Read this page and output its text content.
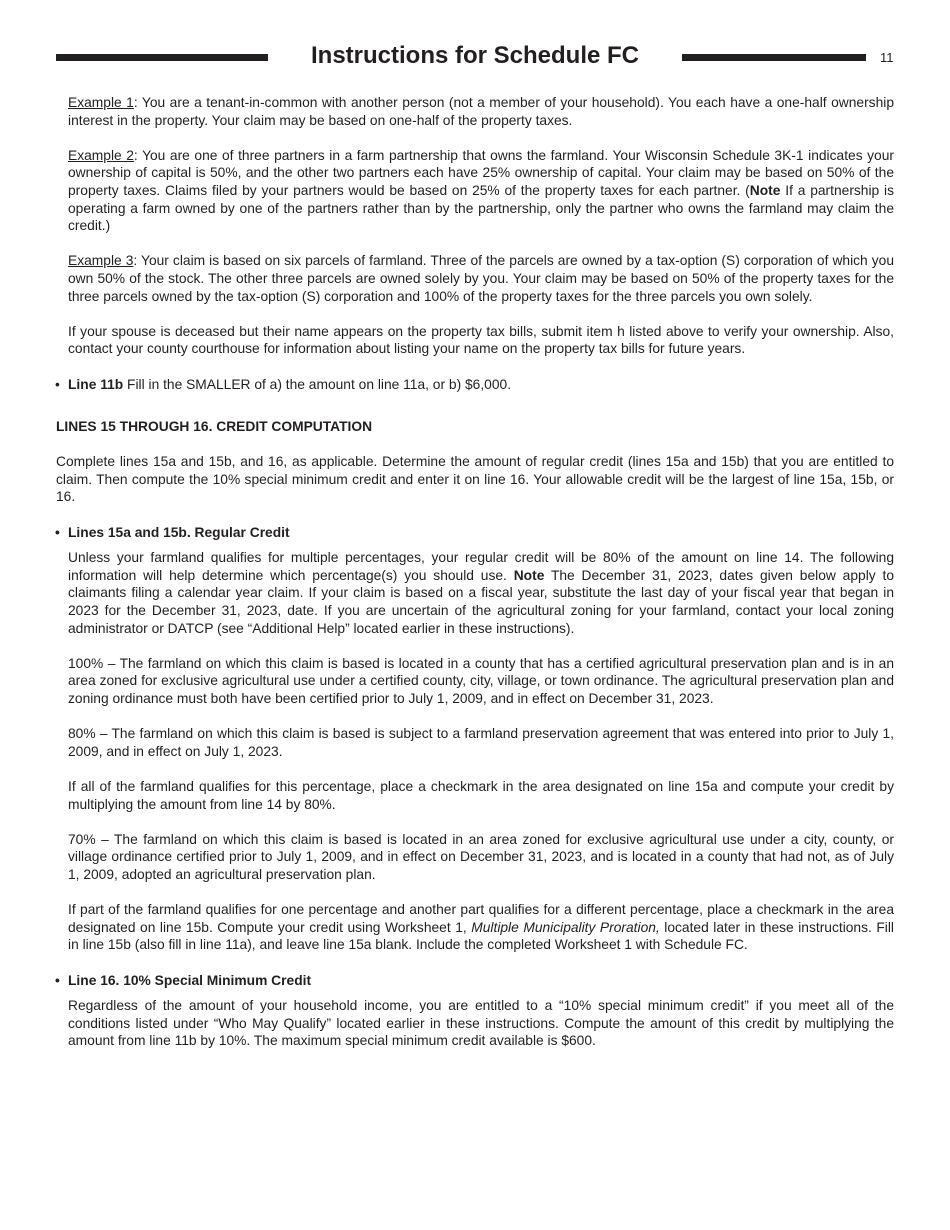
Instructions for Schedule FC	11

Example 1: You are a tenant-in-common with another person (not a member of your household). You each have a one-half ownership interest in the property. Your claim may be based on one-half of the property taxes.

Example 2: You are one of three partners in a farm partnership that owns the farmland. Your Wisconsin Schedule 3K-1 indicates your ownership of capital is 50%, and the other two partners each have 25% ownership of capital. Your claim may be based on 50% of the property taxes. Claims filed by your partners would be based on 25% of the property taxes for each partner. (Note If a partnership is operating a farm owned by one of the partners rather than by the partnership, only the partner who owns the farmland may claim the credit.)

Example 3: Your claim is based on six parcels of farmland. Three of the parcels are owned by a tax-option (S) corporation of which you own 50% of the stock. The other three parcels are owned solely by you. Your claim may be based on 50% of the property taxes for the three parcels owned by the tax-option (S) corporation and 100% of the property taxes for the three parcels you own solely.

If your spouse is deceased but their name appears on the property tax bills, submit item h listed above to verify your ownership. Also, contact your county courthouse for information about listing your name on the property tax bills for future years.

• Line 11b Fill in the SMALLER of a) the amount on line 11a, or b) $6,000.

LINES 15 THROUGH 16. CREDIT COMPUTATION

Complete lines 15a and 15b, and 16, as applicable. Determine the amount of regular credit (lines 15a and 15b) that you are entitled to claim. Then compute the 10% special minimum credit and enter it on line 16. Your allowable credit will be the largest of line 15a, 15b, or 16.

• Lines 15a and 15b. Regular Credit

Unless your farmland qualifies for multiple percentages, your regular credit will be 80% of the amount on line 14. The following information will help determine which percentage(s) you should use. Note The December 31, 2023, dates given below apply to claimants filing a calendar year claim. If your claim is based on a fiscal year, substitute the last day of your fiscal year that began in 2023 for the December 31, 2023, date. If you are uncertain of the agricultural zoning for your farmland, contact your local zoning administrator or DATCP (see “Additional Help” located earlier in these instructions).

100% – The farmland on which this claim is based is located in a county that has a certified agricultural preservation plan and is in an area zoned for exclusive agricultural use under a certified county, city, village, or town ordinance. The agricultural preservation plan and zoning ordinance must both have been certified prior to July 1, 2009, and in effect on December 31, 2023.

80% – The farmland on which this claim is based is subject to a farmland preservation agreement that was entered into prior to July 1, 2009, and in effect on July 1, 2023.

If all of the farmland qualifies for this percentage, place a checkmark in the area designated on line 15a and compute your credit by multiplying the amount from line 14 by 80%.

70% – The farmland on which this claim is based is located in an area zoned for exclusive agricultural use under a city, county, or village ordinance certified prior to July 1, 2009, and in effect on December 31, 2023, and is located in a county that had not, as of July 1, 2009, adopted an agricultural preservation plan.

If part of the farmland qualifies for one percentage and another part qualifies for a different percentage, place a checkmark in the area designated on line 15b. Compute your credit using Worksheet 1, Multiple Municipality Proration, located later in these instructions. Fill in line 15b (also fill in line 11a), and leave line 15a blank. Include the completed Worksheet 1 with Schedule FC.

• Line 16. 10% Special Minimum Credit

Regardless of the amount of your household income, you are entitled to a “10% special minimum credit” if you meet all of the conditions listed under “Who May Qualify” located earlier in these instructions. Compute the amount of this credit by multiplying the amount from line 11b by 10%. The maximum special minimum credit available is $600.
